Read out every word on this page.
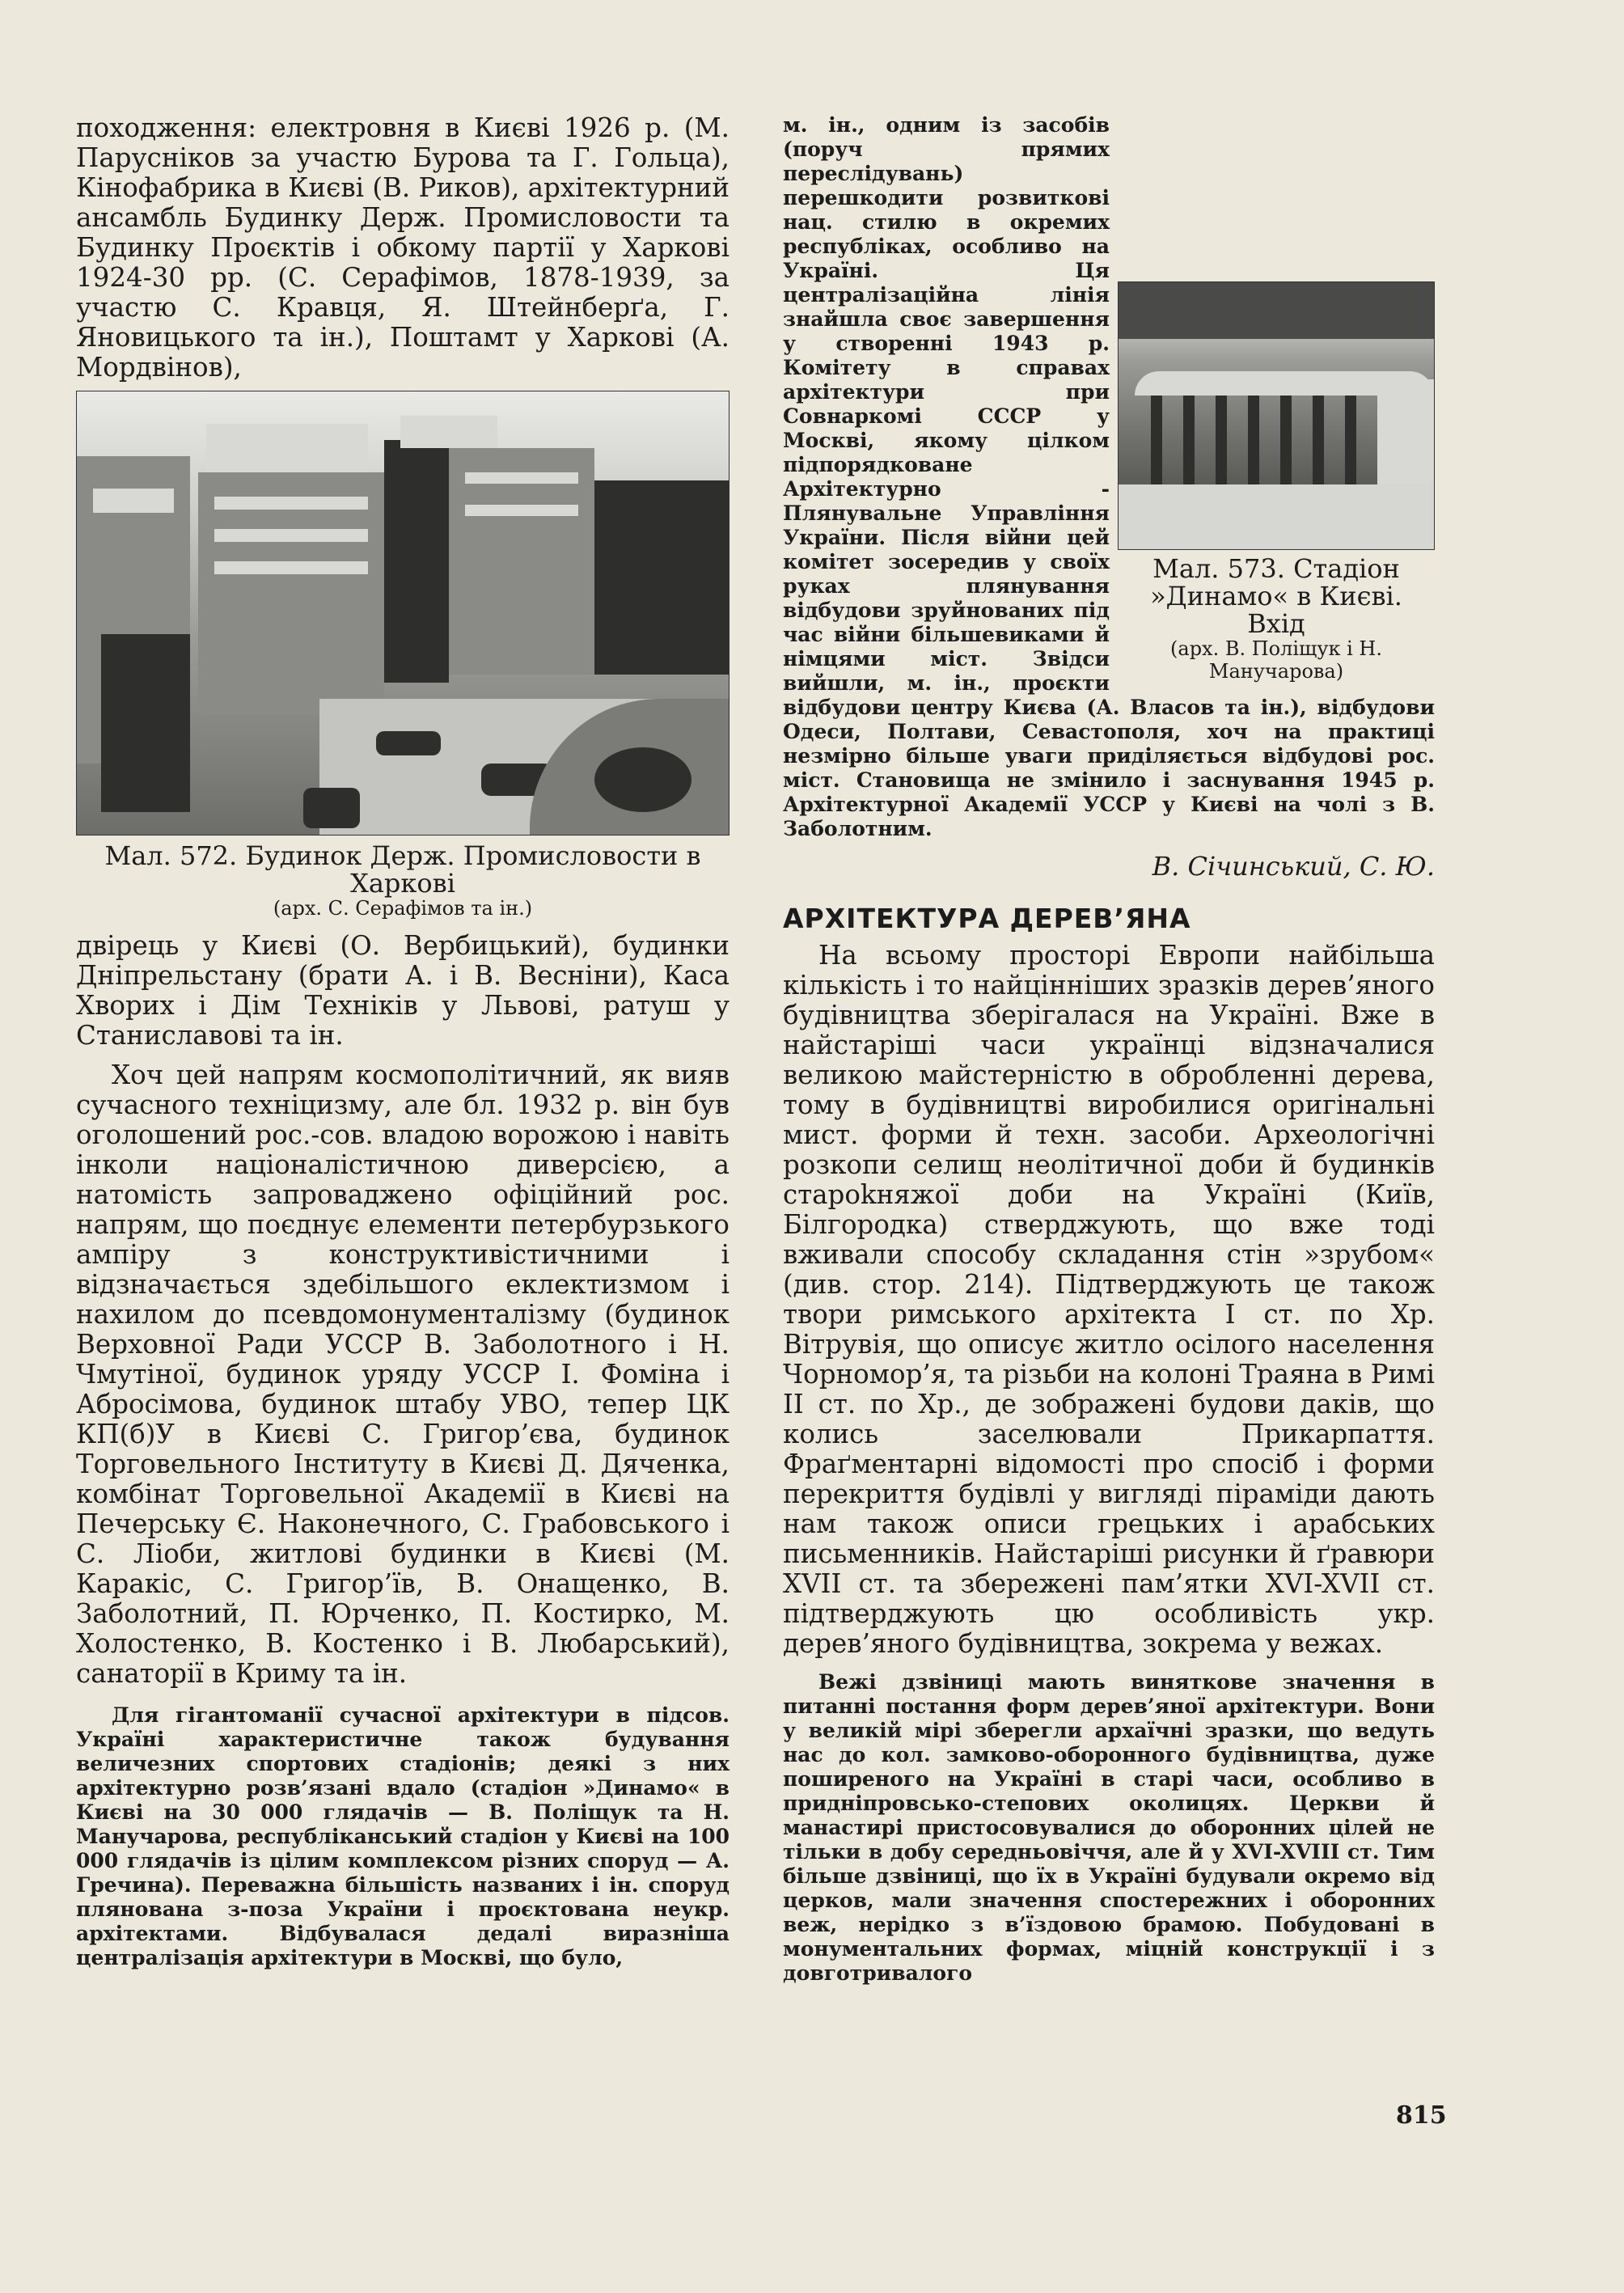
походження: електровня в Києві 1926 р. (М. Парусніков за участю Бурова та Г. Гольца), Кінофабрика в Києві (В. Риков), архітектурний ансамбль Будинку Держ. Промисловости та Будинку Проєктів і обкому партії у Харкові 1924-30 рр. (С. Серафімов, 1878-1939, за участю С. Кравця, Я. Штейнберґа, Г. Яновицького та ін.), Поштамт у Харкові (А. Мордвінов),

Мал. 572. Будинок Держ. Промисловости в Харкові
(арх. С. Серафімов та ін.)

двірець у Києві (О. Вербицький), будинки Дніпрельстану (брати А. і В. Весніни), Каса Хворих і Дім Техніків у Львові, ратуш у Станиславові та ін.

Хоч цей напрям космополітичний, як вияв сучасного техніцизму, але бл. 1932 р. він був оголошений рос.-сов. владою ворожою і навіть інколи націоналістичною диверсією, а натомість запроваджено офіційний рос. напрям, що поєднує елементи петербурзького ампіру з конструктивістичними і відзначається здебільшого еклектизмом і нахилом до псевдомонументалізму (будинок Верховної Ради УССР В. Заболотного і Н. Чмутіної, будинок уряду УССР І. Фоміна і Абросімова, будинок штабу УВО, тепер ЦК КП(б)У в Києві С. Григор’єва, будинок Торговельного Інституту в Києві Д. Дяченка, комбінат Торговельної Академії в Києві на Печерську Є. Наконечного, С. Грабовського і С. Ліоби, житлові будинки в Києві (М. Каракіс, С. Григор’їв, В. Онащенко, В. Заболотний, П. Юрченко, П. Костирко, М. Холостенко, В. Костенко і В. Любарський), санаторії в Криму та ін.

Для гігантоманії сучасної архітектури в підсов. Україні характеристичне також будування величезних спортових стадіонів; деякі з них архітектурно розв’язані вдало (стадіон »Динамо« в Києві на 30 000 глядачів — В. Поліщук та Н. Манучарова, республіканський стадіон у Києві на 100 000 глядачів із цілим комплексом різних споруд — А. Гречина). Переважна більшість названих і ін. споруд плянована з-поза України і проєктована неукр. архітектами. Відбувалася дедалі виразніша централізація архітектури в Москві, що було,

Мал. 573. Стадіон »Динамо« в Києві. Вхід
(арх. В. Поліщук і Н. Манучарова)

м. ін., одним із засобів (поруч прямих переслідувань) перешкодити розвиткові нац. стилю в окремих республіках, особливо на Україні. Ця централізаційна лінія знайшла своє завершення у створенні 1943 р. Комітету в справах архітектури при Совнаркомі СССР у Москві, якому цілком підпорядковане Архітектурно - Плянувальне Управління України. Після війни цей комітет зосередив у своїх руках плянування відбудови зруйнованих під час війни більшевиками й німцями міст. Звідси вийшли, м. ін., проєкти відбудови центру Києва (А. Власов та ін.), відбудови Одеси, Полтави, Севастополя, хоч на практиці незмірно більше уваги приділяється відбудові рос. міст. Становища не змінило і заснування 1945 р. Архітектурної Академії УССР у Києві на чолі з В. Заболотним.

В. Січинський, С. Ю.
АРХІТЕКТУРА ДЕРЕВ’ЯНА

На всьому просторі Европи найбільша кількість і то найцінніших зразків дерев’яного будівництва зберігалася на Україні. Вже в найстаріші часи українці відзначалися великою майстерністю в обробленні дерева, тому в будівництві виробилися оригінальні мист. форми й техн. засоби. Археологічні розкопи селищ неолітичної доби й будинків староkняжої доби на Україні (Київ, Білгородка) стверджують, що вже тоді вживали способу складання стін »зрубом« (див. стор. 214). Підтверджують це також твори римського архітекта І ст. по Хр. Вітрувія, що описує житло осілого населення Чорномор’я, та різьби на колоні Траяна в Римі II ст. по Хр., де зображені будови даків, що колись заселювали Прикарпаття. Фраґментарні відомості про спосіб і форми перекриття будівлі у вигляді піраміди дають нам також описи грецьких і арабських письменників. Найстаріші рисунки й ґравюри XVII ст. та збережені пам’ятки XVI-XVII ст. підтверджують цю особливість укр. дерев’яного будівництва, зокрема у вежах.

Вежі дзвіниці мають виняткове значення в питанні постання форм дерев’яної архітектури. Вони у великій мірі зберегли архаїчні зразки, що ведуть нас до кол. замково-оборонного будівництва, дуже поширеного на Україні в старі часи, особливо в придніпровсько-степових околицях. Церкви й манастирі пристосовувалися до оборонних цілей не тільки в добу середньовіччя, але й у XVI-XVIII ст. Тим більше дзвіниці, що їх в Україні будували окремо від церков, мали значення спостережних і оборонних веж, нерідко з в’їздовою брамою. Побудовані в монументальних формах, міцній конструкції і з довготривалого

815
